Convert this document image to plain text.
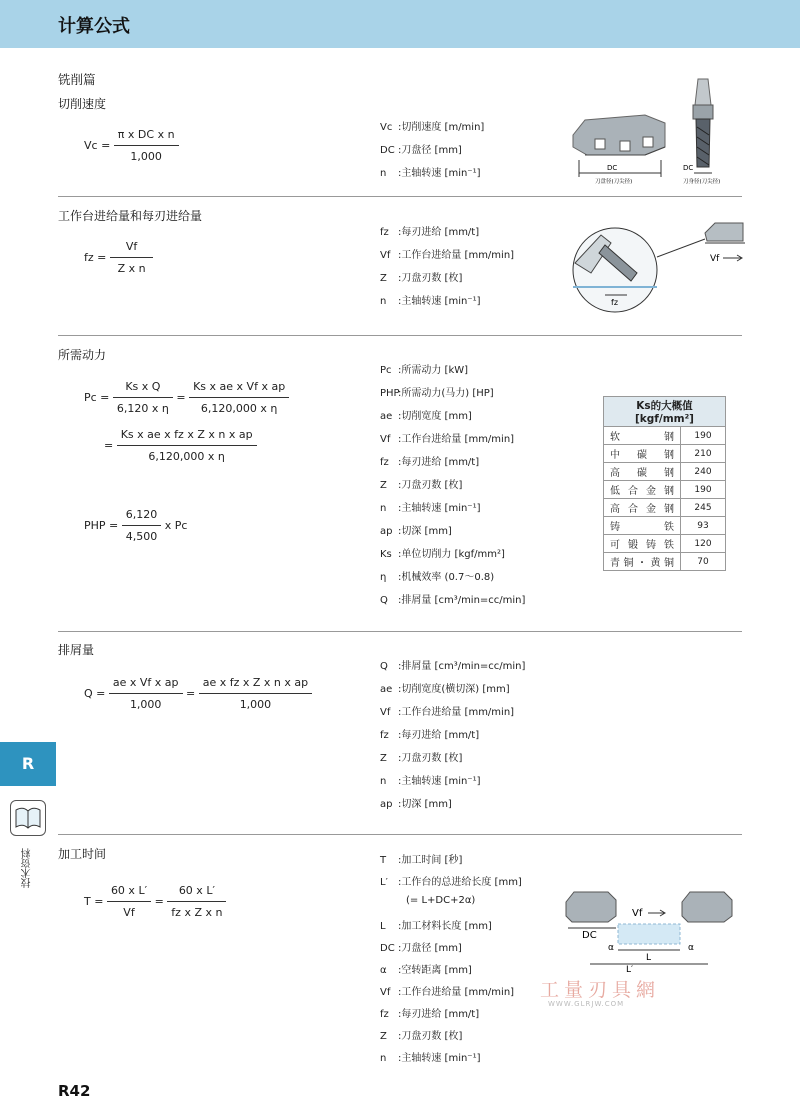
计算公式
铣削篇
切削速度
$Vc = \frac{\text{π x DC x n}}{1,000}$
Vc :切削速度 [m/min]
DC :刀盘径 [mm]
n :主轴转速 [min⁻¹]	DC
刀盘径(刀尖径)
DC
刀身径(刀尖径)
工作台进给量和每刃进给量
fz = $\frac{Vf}{\text{Z x n}}$
fz :每刃进给 [mm/t]
Vf :工作台进给量 [mm/min]
Z :刀盘刃数 [枚]
n :主轴转速 [min⁻¹]	fz
Vf
所需动力
$Pc = \frac{\text{Ks x Q}}{\text{6,120 x η}} = \frac{\text{Ks x ae x Vf x ap}}{\text{6,120,000 x η}}$
= $\frac{\text{Ks x ae x fz x Z x n x ap}}{\text{6,120,000 x η}}$
PHP = $\frac{6,120}{4,500}$ x Pc
Pc :所需动力 [kW]
PHP:所需动力(马力) [HP]
ae :切削宽度 [mm]
Vf :工作台进给量 [mm/min]
fz :每刃进给 [mm/t]
Z :刀盘刃数 [枚]
n :主轴转速 [min⁻¹]
ap :切深 [mm]
Ks :单位切削力 [kgf/mm²]
η :机械效率 (0.7～0.8)
Q :排屑量 [cm³/min=cc/min]
Ks的大概值 [kgf/mm²]	
软钢	190
中碳钢	210
高碳钢	240
低合金钢	190
高合金钢	245
铸铁	93
可锻铸铁	120
青铜・黄铜	70
排屑量
$Q = \frac{\text{ae x Vf x ap}}{1,000} = \frac{\text{ae x fz x Z x n x ap}}{1,000}$
Q :排屑量 [cm³/min=cc/min]
ae :切削宽度(横切深) [mm]
Vf :工作台进给量 [mm/min]
fz :每刃进给 [mm/t]
Z :刀盘刃数 [枚]
n :主轴转速 [min⁻¹]
ap :切深 [mm]
加工时间
$T = \frac{\text{60 x L′}}{Vf} = \frac{\text{60 x L′}}{\text{fz x Z x n}}$
T :加工时间 [秒]
L′ :工作台的总进给长度 [mm]
(= L+DC+2α)
L :加工材料长度 [mm]
DC :刀盘径 [mm]
α :空转距离 [mm]
Vf :工作台进给量 [mm/min]
fz :每刃进给 [mm/t]
Z :刀盘刃数 [枚]
n :主轴转速 [min⁻¹]
Vf
DC
α	α
L
L′
工量刃具網
WWW.GLRJW.COM
R
技术资料
R42
